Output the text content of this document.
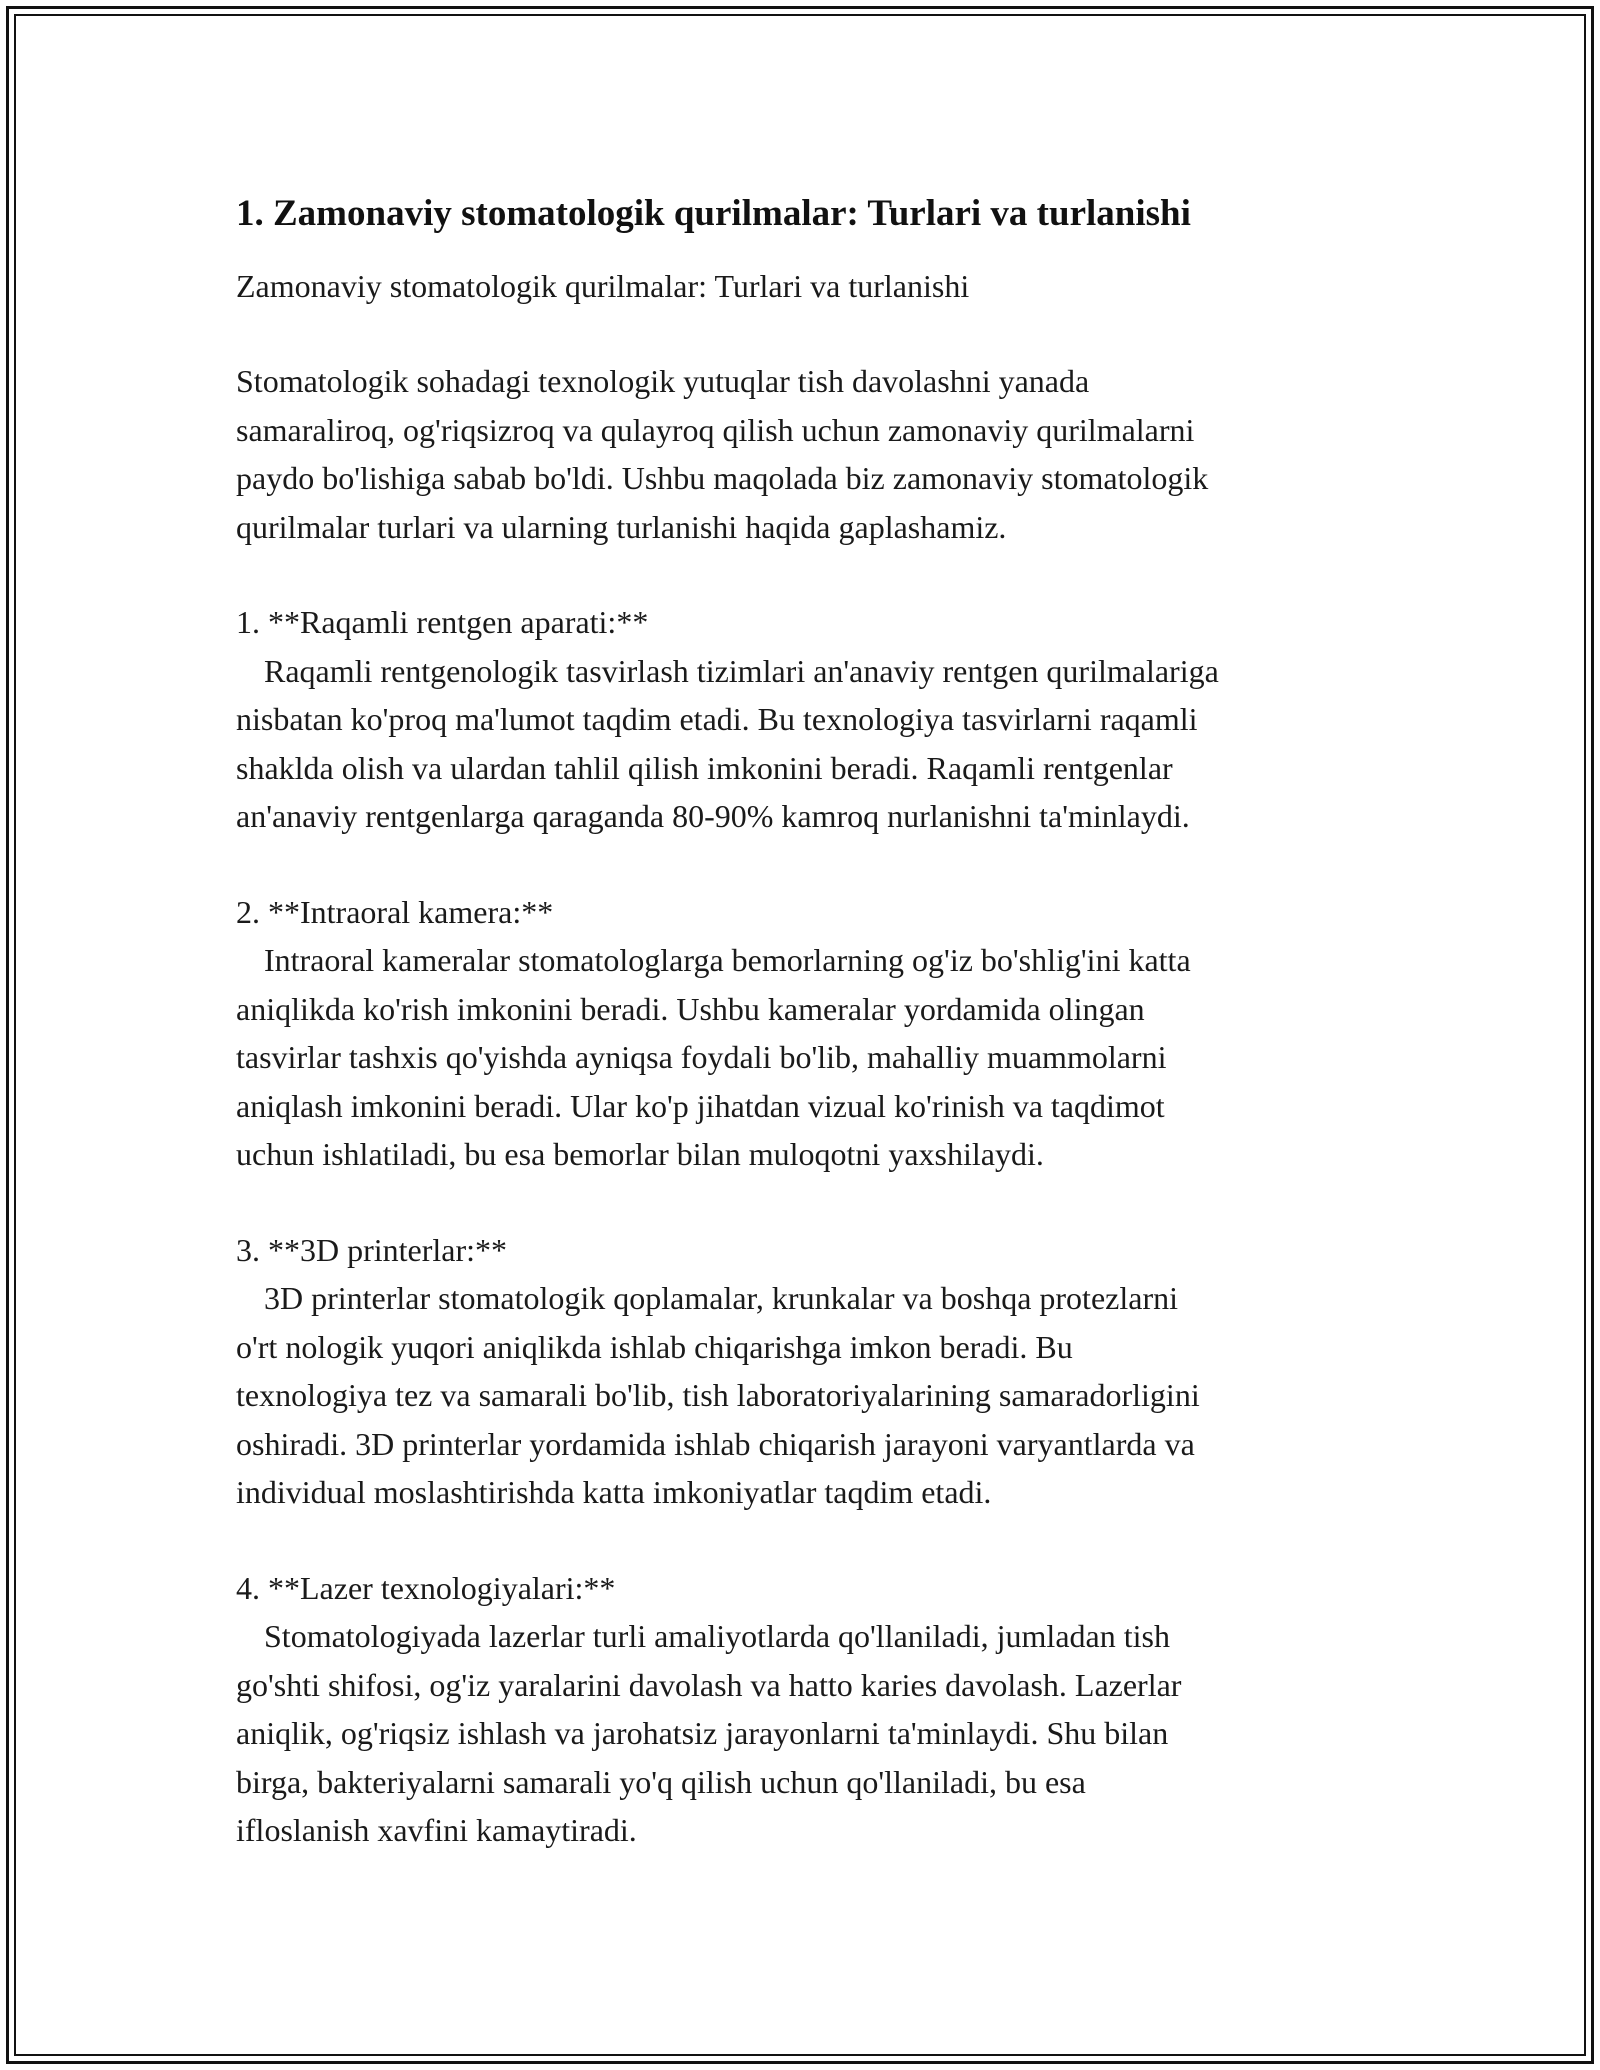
1. Zamonaviy stomatologik qurilmalar: Turlari va turlanishi

Zamonaviy stomatologik qurilmalar: Turlari va turlanishi

Stomatologik sohadagi texnologik yutuqlar tish davolashni yanada
samaraliroq, og'riqsizroq va qulayroq qilish uchun zamonaviy qurilmalarni
paydo bo'lishiga sabab bo'ldi. Ushbu maqolada biz zamonaviy stomatologik
qurilmalar turlari va ularning turlanishi haqida gaplashamiz.

1. **Raqamli rentgen aparati:**

Raqamli rentgenologik tasvirlash tizimlari an'anaviy rentgen qurilmalariga
nisbatan ko'proq ma'lumot taqdim etadi. Bu texnologiya tasvirlarni raqamli
shaklda olish va ulardan tahlil qilish imkonini beradi. Raqamli rentgenlar
an'anaviy rentgenlarga qaraganda 80-90% kamroq nurlanishni ta'minlaydi.

2. **Intraoral kamera:**

Intraoral kameralar stomatologlarga bemorlarning og'iz bo'shlig'ini katta
aniqlikda ko'rish imkonini beradi. Ushbu kameralar yordamida olingan
tasvirlar tashxis qo'yishda ayniqsa foydali bo'lib, mahalliy muammolarni
aniqlash imkonini beradi. Ular ko'p jihatdan vizual ko'rinish va taqdimot
uchun ishlatiladi, bu esa bemorlar bilan muloqotni yaxshilaydi.

3. **3D printerlar:**

3D printerlar stomatologik qoplamalar, krunkalar va boshqa protezlarni
o'rt nologik yuqori aniqlikda ishlab chiqarishga imkon beradi. Bu
texnologiya tez va samarali bo'lib, tish laboratoriyalarining samaradorligini
oshiradi. 3D printerlar yordamida ishlab chiqarish jarayoni varyantlarda va
individual moslashtirishda katta imkoniyatlar taqdim etadi.

4. **Lazer texnologiyalari:**

Stomatologiyada lazerlar turli amaliyotlarda qo'llaniladi, jumladan tish
go'shti shifosi, og'iz yaralarini davolash va hatto karies davolash. Lazerlar
aniqlik, og'riqsiz ishlash va jarohatsiz jarayonlarni ta'minlaydi. Shu bilan
birga, bakteriyalarni samarali yo'q qilish uchun qo'llaniladi, bu esa
ifloslanish xavfini kamaytiradi.
